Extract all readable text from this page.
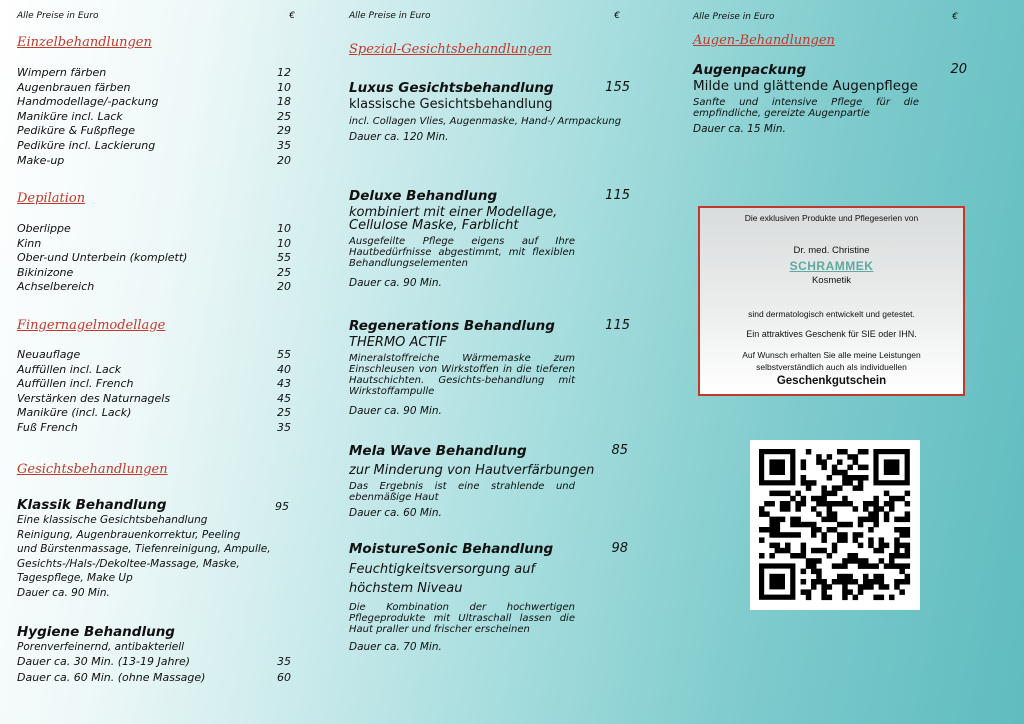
Alle Preise in Euro	€
Einzelbehandlungen
Wimpern färben	12
Augenbrauen färben	10
Handmodellage/-packung	18
Maniküre incl. Lack	25
Pediküre & Fußpflege	29
Pediküre incl. Lackierung	35
Make-up	20
Depilation
Oberlippe	10
Kinn	10
Ober-und Unterbein (komplett)	55
Bikinizone	25
Achselbereich	20
Fingernagelmodellage
Neuauflage	55
Auffüllen incl. Lack	40
Auffüllen incl. French	43
Verstärken des Naturnagels	45
Maniküre (incl. Lack)	25
Fuß French	35
Gesichtsbehandlungen
Klassik Behandlung	95
Eine klassische Gesichtsbehandlung
Reinigung, Augenbrauenkorrektur, Peeling
und Bürstenmassage, Tiefenreinigung, Ampulle,
Gesichts-/Hals-/Dekoltee-Massage, Maske,
Tagespflege, Make Up
Dauer ca. 90 Min.
Hygiene Behandlung
Porenverfeinernd, antibakteriell
Dauer ca. 30 Min. (13-19 Jahre)	35
Dauer ca. 60 Min. (ohne Massage)	60
Alle Preise in Euro	€
Spezial-Gesichtsbehandlungen
Luxus Gesichtsbehandlung	155
klassische Gesichtsbehandlung
incl. Collagen Vlies, Augenmaske, Hand-/ Armpackung
Dauer ca. 120 Min.
Deluxe Behandlung	115
kombiniert mit einer Modellage, Cellulose Maske, Farblicht
Ausgefeilte Pflege eigens auf Ihre Hautbedürfnisse abgestimmt, mit flexiblen Behandlungselementen
Dauer ca. 90 Min.
Regenerations Behandlung	115
THERMO ACTIF
Mineralstoffreiche Wärmemaske zum Einschleusen von Wirkstoffen in die tieferen Hautschichten. Gesichts-behandlung mit Wirkstoffampulle
Dauer ca. 90 Min.
Mela Wave Behandlung	85
zur Minderung von Hautverfärbungen
Das Ergebnis ist eine strahlende und ebenmäßige Haut
Dauer ca. 60 Min.
MoistureSonic Behandlung	98
Feuchtigkeitsversorgung auf höchstem Niveau
Die Kombination der hochwertigen Pflegeprodukte mit Ultraschall lassen die Haut praller und frischer erscheinen
Dauer ca. 70 Min.
Alle Preise in Euro	€
Augen-Behandlungen
Augenpackung	20
Milde und glättende Augenpflege
Sanfte und intensive Pflege für die empfindliche, gereizte Augenpartie
Dauer ca. 15 Min.
Die exklusiven Produkte und Pflegeserien von
Dr. med. Christine
SCHRAMMEK
Kosmetik
sind dermatologisch entwickelt und getestet.
Ein attraktives Geschenk für SIE oder IHN.
Auf Wunsch erhalten Sie alle meine Leistungen selbstverständlich auch als individuellen
Geschenkgutschein
